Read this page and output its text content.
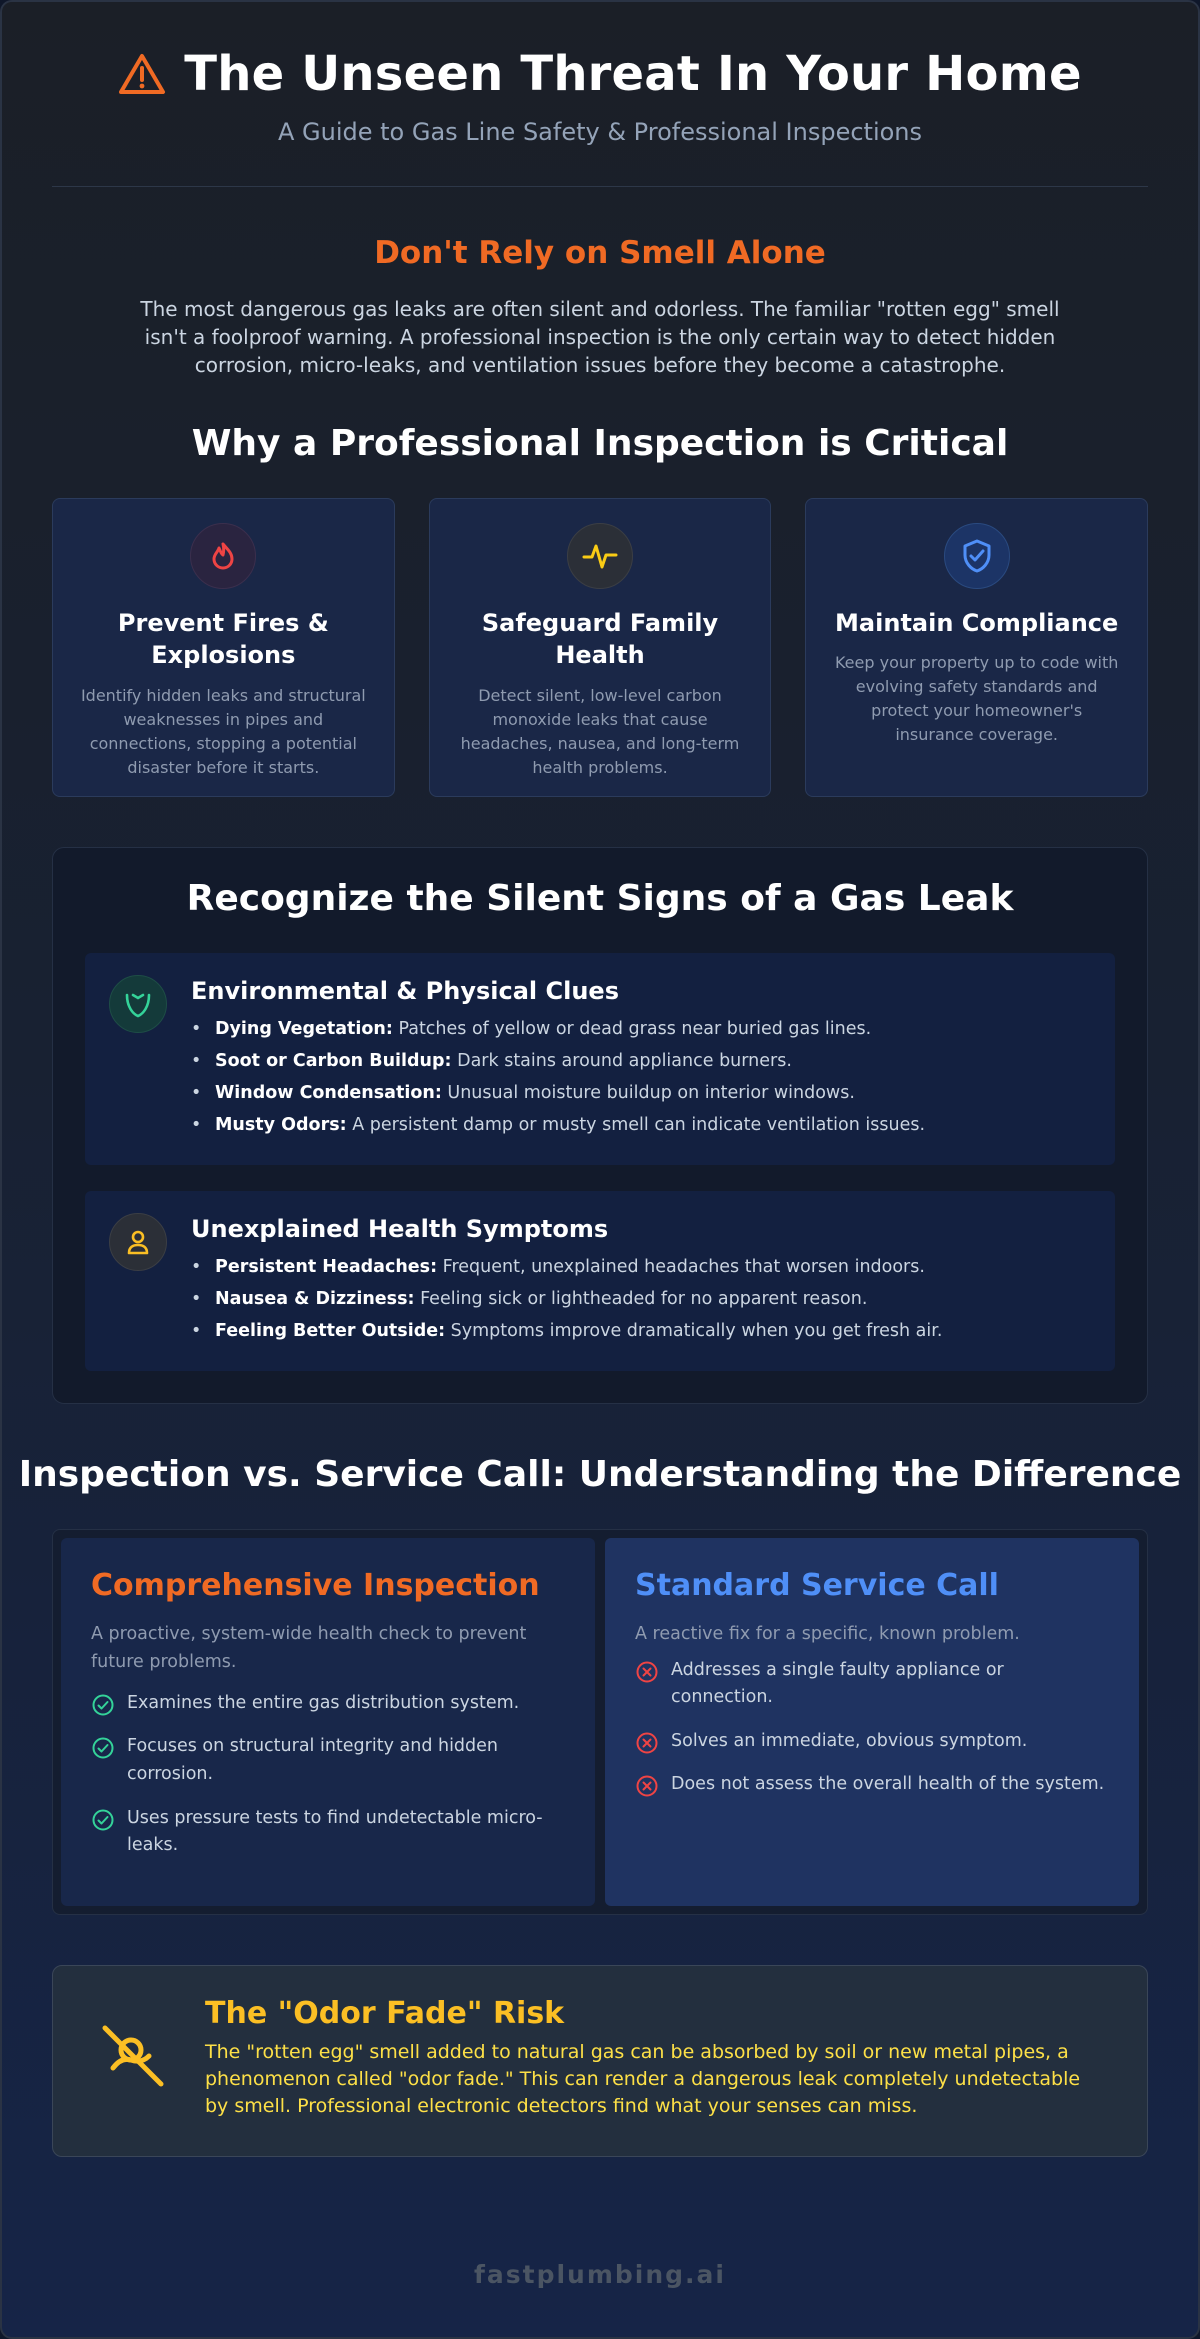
The Unseen Threat In Your Home
A Guide to Gas Line Safety & Professional Inspections
Don't Rely on Smell Alone

The most dangerous gas leaks are often silent and odorless. The familiar "rotten egg" smell isn't a foolproof warning. A professional inspection is the only certain way to detect hidden corrosion, micro-leaks, and ventilation issues before they become a catastrophe.

Why a Professional Inspection is Critical
Prevent Fires & Explosions

Identify hidden leaks and structural weaknesses in pipes and connections, stopping a potential disaster before it starts.

Safeguard Family Health

Detect silent, low-level carbon monoxide leaks that cause headaches, nausea, and long-term health problems.

Maintain Compliance

Keep your property up to code with evolving safety standards and protect your homeowner's insurance coverage.

Recognize the Silent Signs of a Gas Leak
Environmental & Physical Clues
• Dying Vegetation: Patches of yellow or dead grass near buried gas lines.
• Soot or Carbon Buildup: Dark stains around appliance burners.
• Window Condensation: Unusual moisture buildup on interior windows.
• Musty Odors: A persistent damp or musty smell can indicate ventilation issues.
Unexplained Health Symptoms
• Persistent Headaches: Frequent, unexplained headaches that worsen indoors.
• Nausea & Dizziness: Feeling sick or lightheaded for no apparent reason.
• Feeling Better Outside: Symptoms improve dramatically when you get fresh air.
Inspection vs. Service Call: Understanding the Difference
Comprehensive Inspection

A proactive, system-wide health check to prevent future problems.

Examines the entire gas distribution system.
Focuses on structural integrity and hidden corrosion.
Uses pressure tests to find undetectable micro-leaks.
Standard Service Call

A reactive fix for a specific, known problem.

Addresses a single faulty appliance or connection.
Solves an immediate, obvious symptom.
Does not assess the overall health of the system.
The "Odor Fade" Risk

The "rotten egg" smell added to natural gas can be absorbed by soil or new metal pipes, a phenomenon called "odor fade." This can render a dangerous leak completely undetectable by smell. Professional electronic detectors find what your senses can miss.

fastplumbing.ai
